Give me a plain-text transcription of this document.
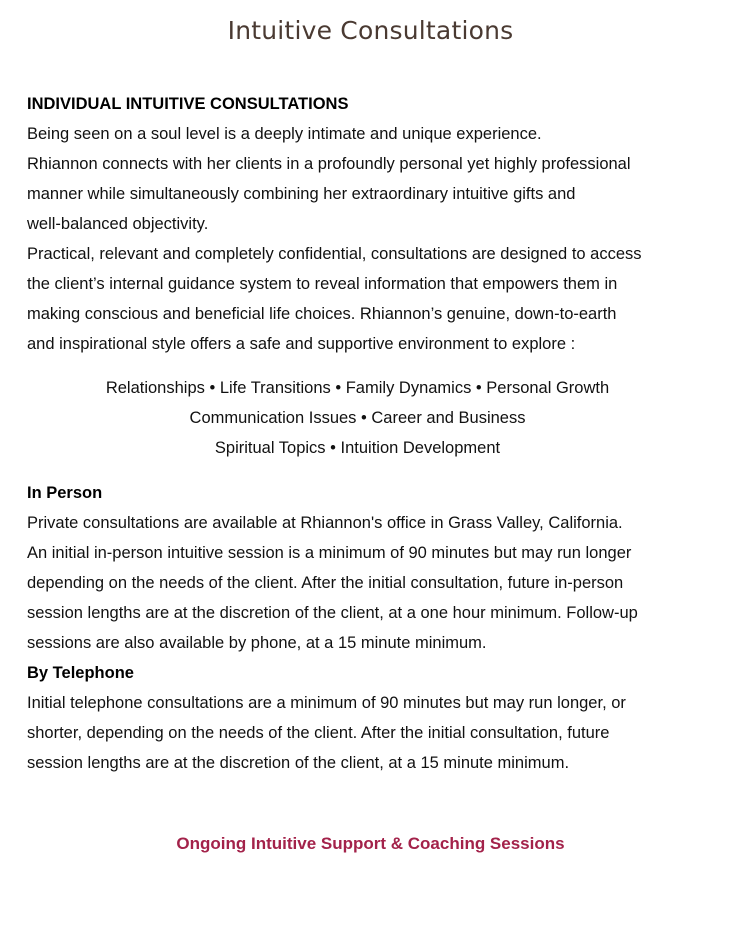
Intuitive Consultations

INDIVIDUAL INTUITIVE CONSULTATIONS

Being seen on a soul level is a deeply intimate and unique experience.
Rhiannon connects with her clients in a profoundly personal yet highly professional
manner while simultaneously combining her extraordinary intuitive gifts and
well-balanced objectivity.
Practical, relevant and completely confidential, consultations are designed to access
the client’s internal guidance system to reveal information that empowers them in
making conscious and beneficial life choices. Rhiannon’s genuine, down-to-earth
and inspirational style offers a safe and supportive environment to explore :
Relationships • Life Transitions • Family Dynamics • Personal Growth
Communication Issues • Career and Business
Spiritual Topics • Intuition Development

In Person

Private consultations are available at Rhiannon's office in Grass Valley, California.
An initial in-person intuitive session is a minimum of 90 minutes but may run longer
depending on the needs of the client. After the initial consultation, future in-person
session lengths are at the discretion of the client, at a one hour minimum. Follow-up
sessions are also available by phone, at a 15 minute minimum.

By Telephone

Initial telephone consultations are a minimum of 90 minutes but may run longer, or
shorter, depending on the needs of the client. After the initial consultation, future
session lengths are at the discretion of the client, at a 15 minute minimum.
Ongoing Intuitive Support & Coaching Sessions
